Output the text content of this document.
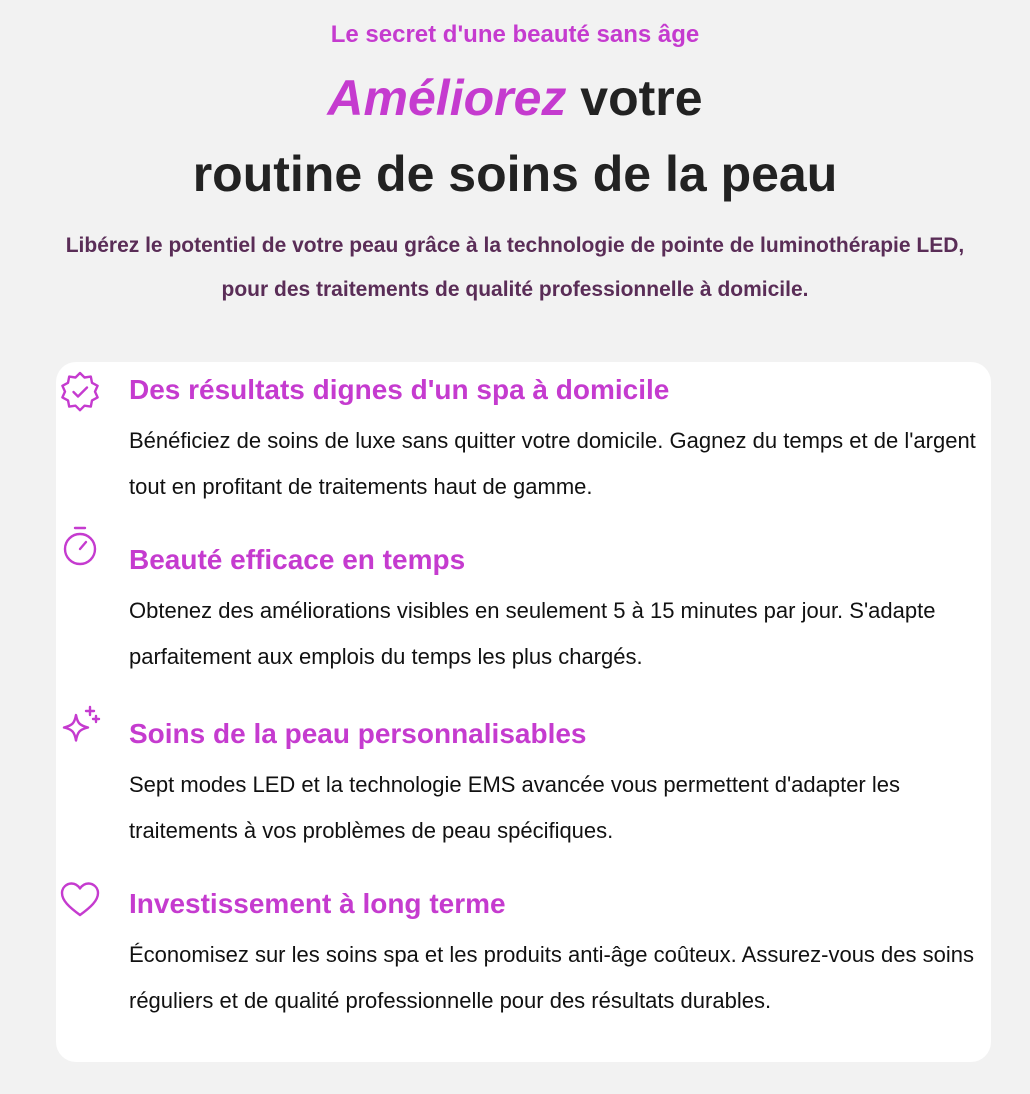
Le secret d'une beauté sans âge
Améliorez votre
routine de soins de la peau

Libérez le potentiel de votre peau grâce à la technologie de pointe de luminothérapie LED, pour des traitements de qualité professionnelle à domicile.

Des résultats dignes d'un spa à domicile

Bénéficiez de soins de luxe sans quitter votre domicile. Gagnez du temps et de l'argent tout en profitant de traitements haut de gamme.

Beauté efficace en temps

Obtenez des améliorations visibles en seulement 5 à 15 minutes par jour. S'adapte parfaitement aux emplois du temps les plus chargés.

Soins de la peau personnalisables

Sept modes LED et la technologie EMS avancée vous permettent d'adapter les traitements à vos problèmes de peau spécifiques.

Investissement à long terme

Économisez sur les soins spa et les produits anti-âge coûteux. Assurez-vous des soins réguliers et de qualité professionnelle pour des résultats durables.
